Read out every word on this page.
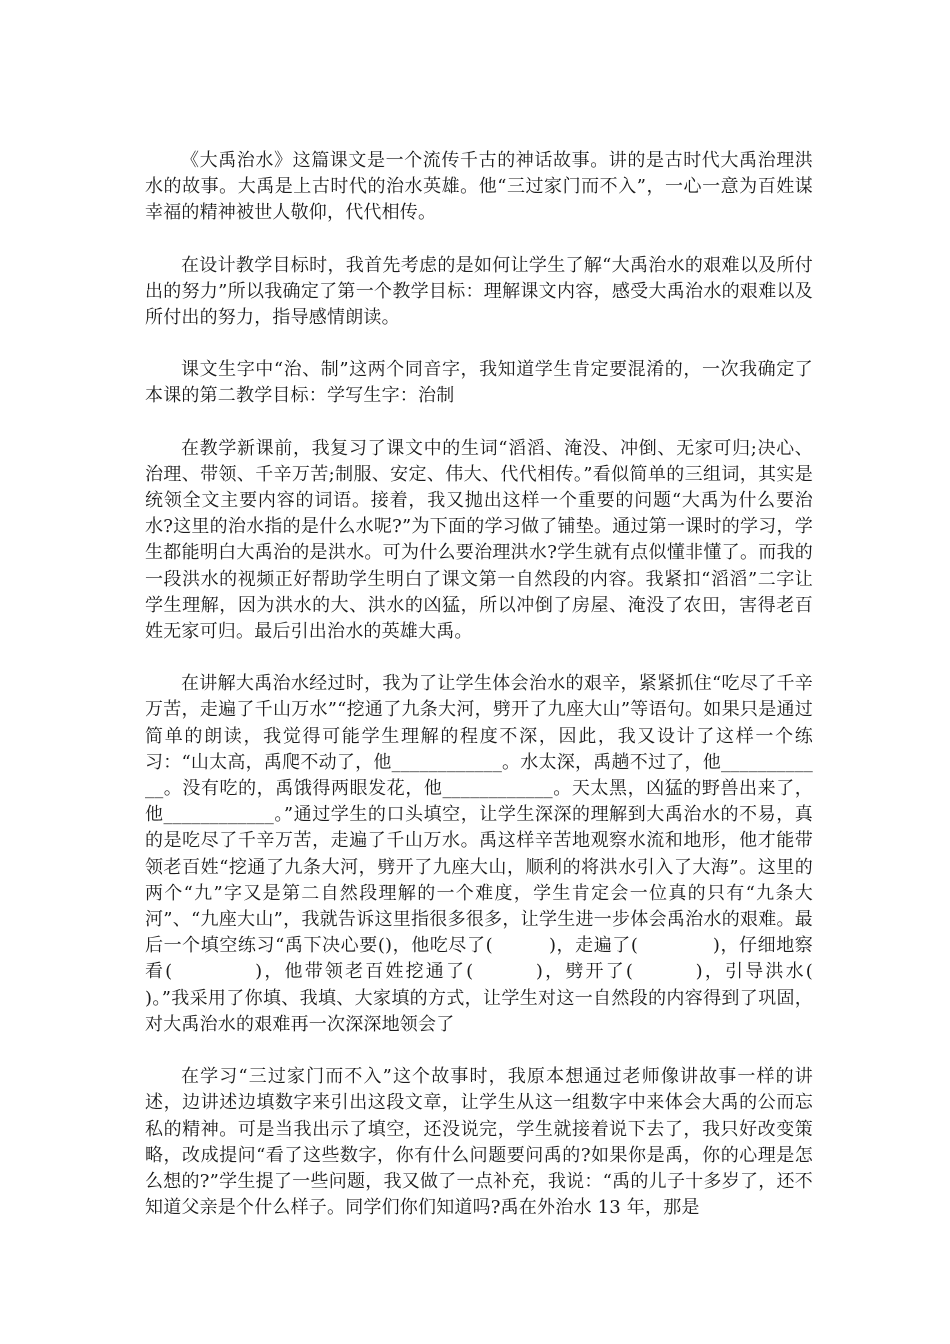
《大禹治水》这篇课文是一个流传千古的神话故事。讲的是古时代大禹治理洪水的故事。大禹是上古时代的治水英雄。他“三过家门而不入”，一心一意为百姓谋幸福的精神被世人敬仰，代代相传。

在设计教学目标时，我首先考虑的是如何让学生了解“大禹治水的艰难以及所付出的努力”所以我确定了第一个教学目标：理解课文内容，感受大禹治水的艰难以及所付出的努力，指导感情朗读。

课文生字中“治、制”这两个同音字，我知道学生肯定要混淆的，一次我确定了本课的第二教学目标：学写生字：治制

在教学新课前，我复习了课文中的生词“滔滔、淹没、冲倒、无家可归;决心、治理、带领、千辛万苦;制服、安定、伟大、代代相传。”看似简单的三组词，其实是统领全文主要内容的词语。接着，我又抛出这样一个重要的问题“大禹为什么要治水?这里的治水指的是什么水呢?”为下面的学习做了铺垫。通过第一课时的学习，学生都能明白大禹治的是洪水。可为什么要治理洪水?学生就有点似懂非懂了。而我的一段洪水的视频正好帮助学生明白了课文第一自然段的内容。我紧扣“滔滔”二字让学生理解，因为洪水的大、洪水的凶猛，所以冲倒了房屋、淹没了农田，害得老百姓无家可归。最后引出治水的英雄大禹。

在讲解大禹治水经过时，我为了让学生体会治水的艰辛，紧紧抓住“吃尽了千辛万苦，走遍了千山万水”“挖通了九条大河，劈开了九座大山”等语句。如果只是通过简单的朗读，我觉得可能学生理解的程度不深，因此，我又设计了这样一个练习：“山太高，禹爬不动了，他____________。水太深，禹趟不过了，他____________。没有吃的，禹饿得两眼发花，他____________。天太黑，凶猛的野兽出来了，他____________。”通过学生的口头填空，让学生深深的理解到大禹治水的不易，真的是吃尽了千辛万苦，走遍了千山万水。禹这样辛苦地观察水流和地形，他才能带领老百姓“挖通了九条大河，劈开了九座大山，顺利的将洪水引入了大海”。这里的两个“九”字又是第二自然段理解的一个难度，学生肯定会一位真的只有“九条大河”、“九座大山”，我就告诉这里指很多很多，让学生进一步体会禹治水的艰难。最后一个填空练习“禹下决心要()，他吃尽了(　　　)，走遍了(　　　　)，仔细地察看(　　　　)，他带领老百姓挖通了(　　　)，劈开了(　　　)，引导洪水(　　　　)。”我采用了你填、我填、大家填的方式，让学生对这一自然段的内容得到了巩固，对大禹治水的艰难再一次深深地领会了

在学习“三过家门而不入”这个故事时，我原本想通过老师像讲故事一样的讲述，边讲述边填数字来引出这段文章，让学生从这一组数字中来体会大禹的公而忘私的精神。可是当我出示了填空，还没说完，学生就接着说下去了，我只好改变策略，改成提问“看了这些数字，你有什么问题要问禹的?如果你是禹，你的心理是怎么想的?”学生提了一些问题，我又做了一点补充，我说：“禹的儿子十多岁了，还不知道父亲是个什么样子。同学们你们知道吗?禹在外治水 13 年，那是
